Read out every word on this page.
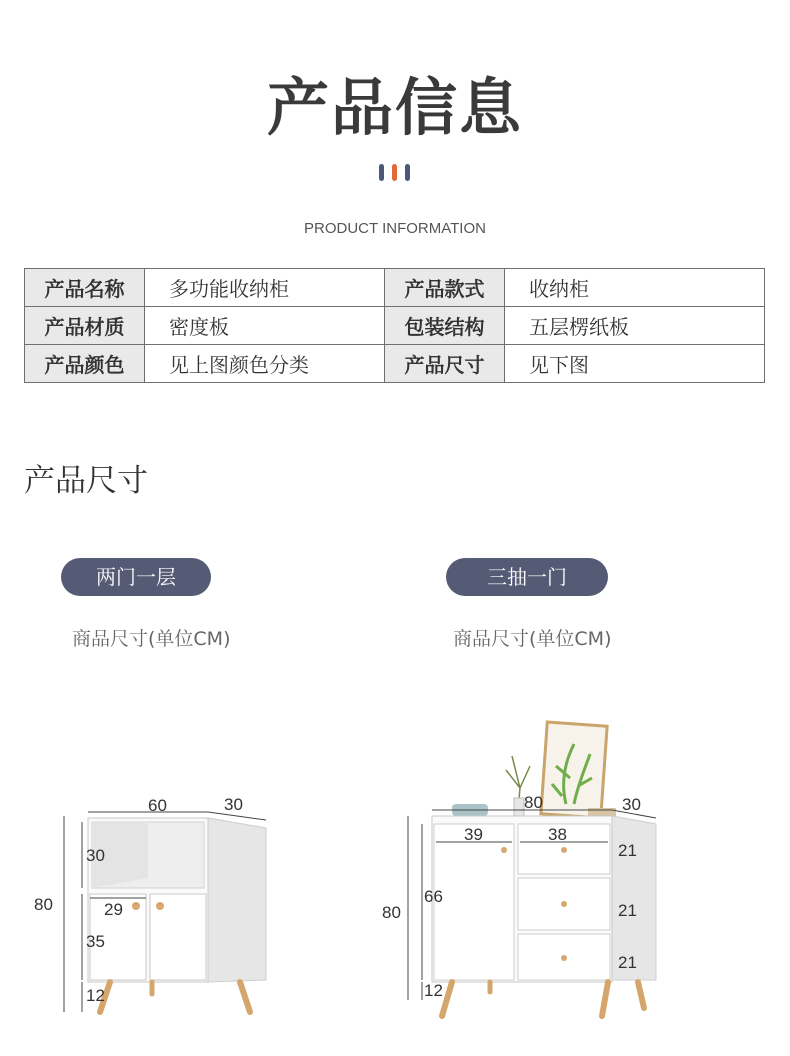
产品信息
PRODUCT INFORMATION
产品名称	多功能收纳柜	产品款式	收纳柜
产品材质	密度板	包装结构	五层楞纸板
产品颜色	见上图颜色分类	产品尺寸	见下图
产品尺寸
两门一层	三抽一门
商品尺寸(单位CM)	商品尺寸(单位CM)
60	30
80
30
29
35
12
80	30
80
39	38
66
21
21
21
12
